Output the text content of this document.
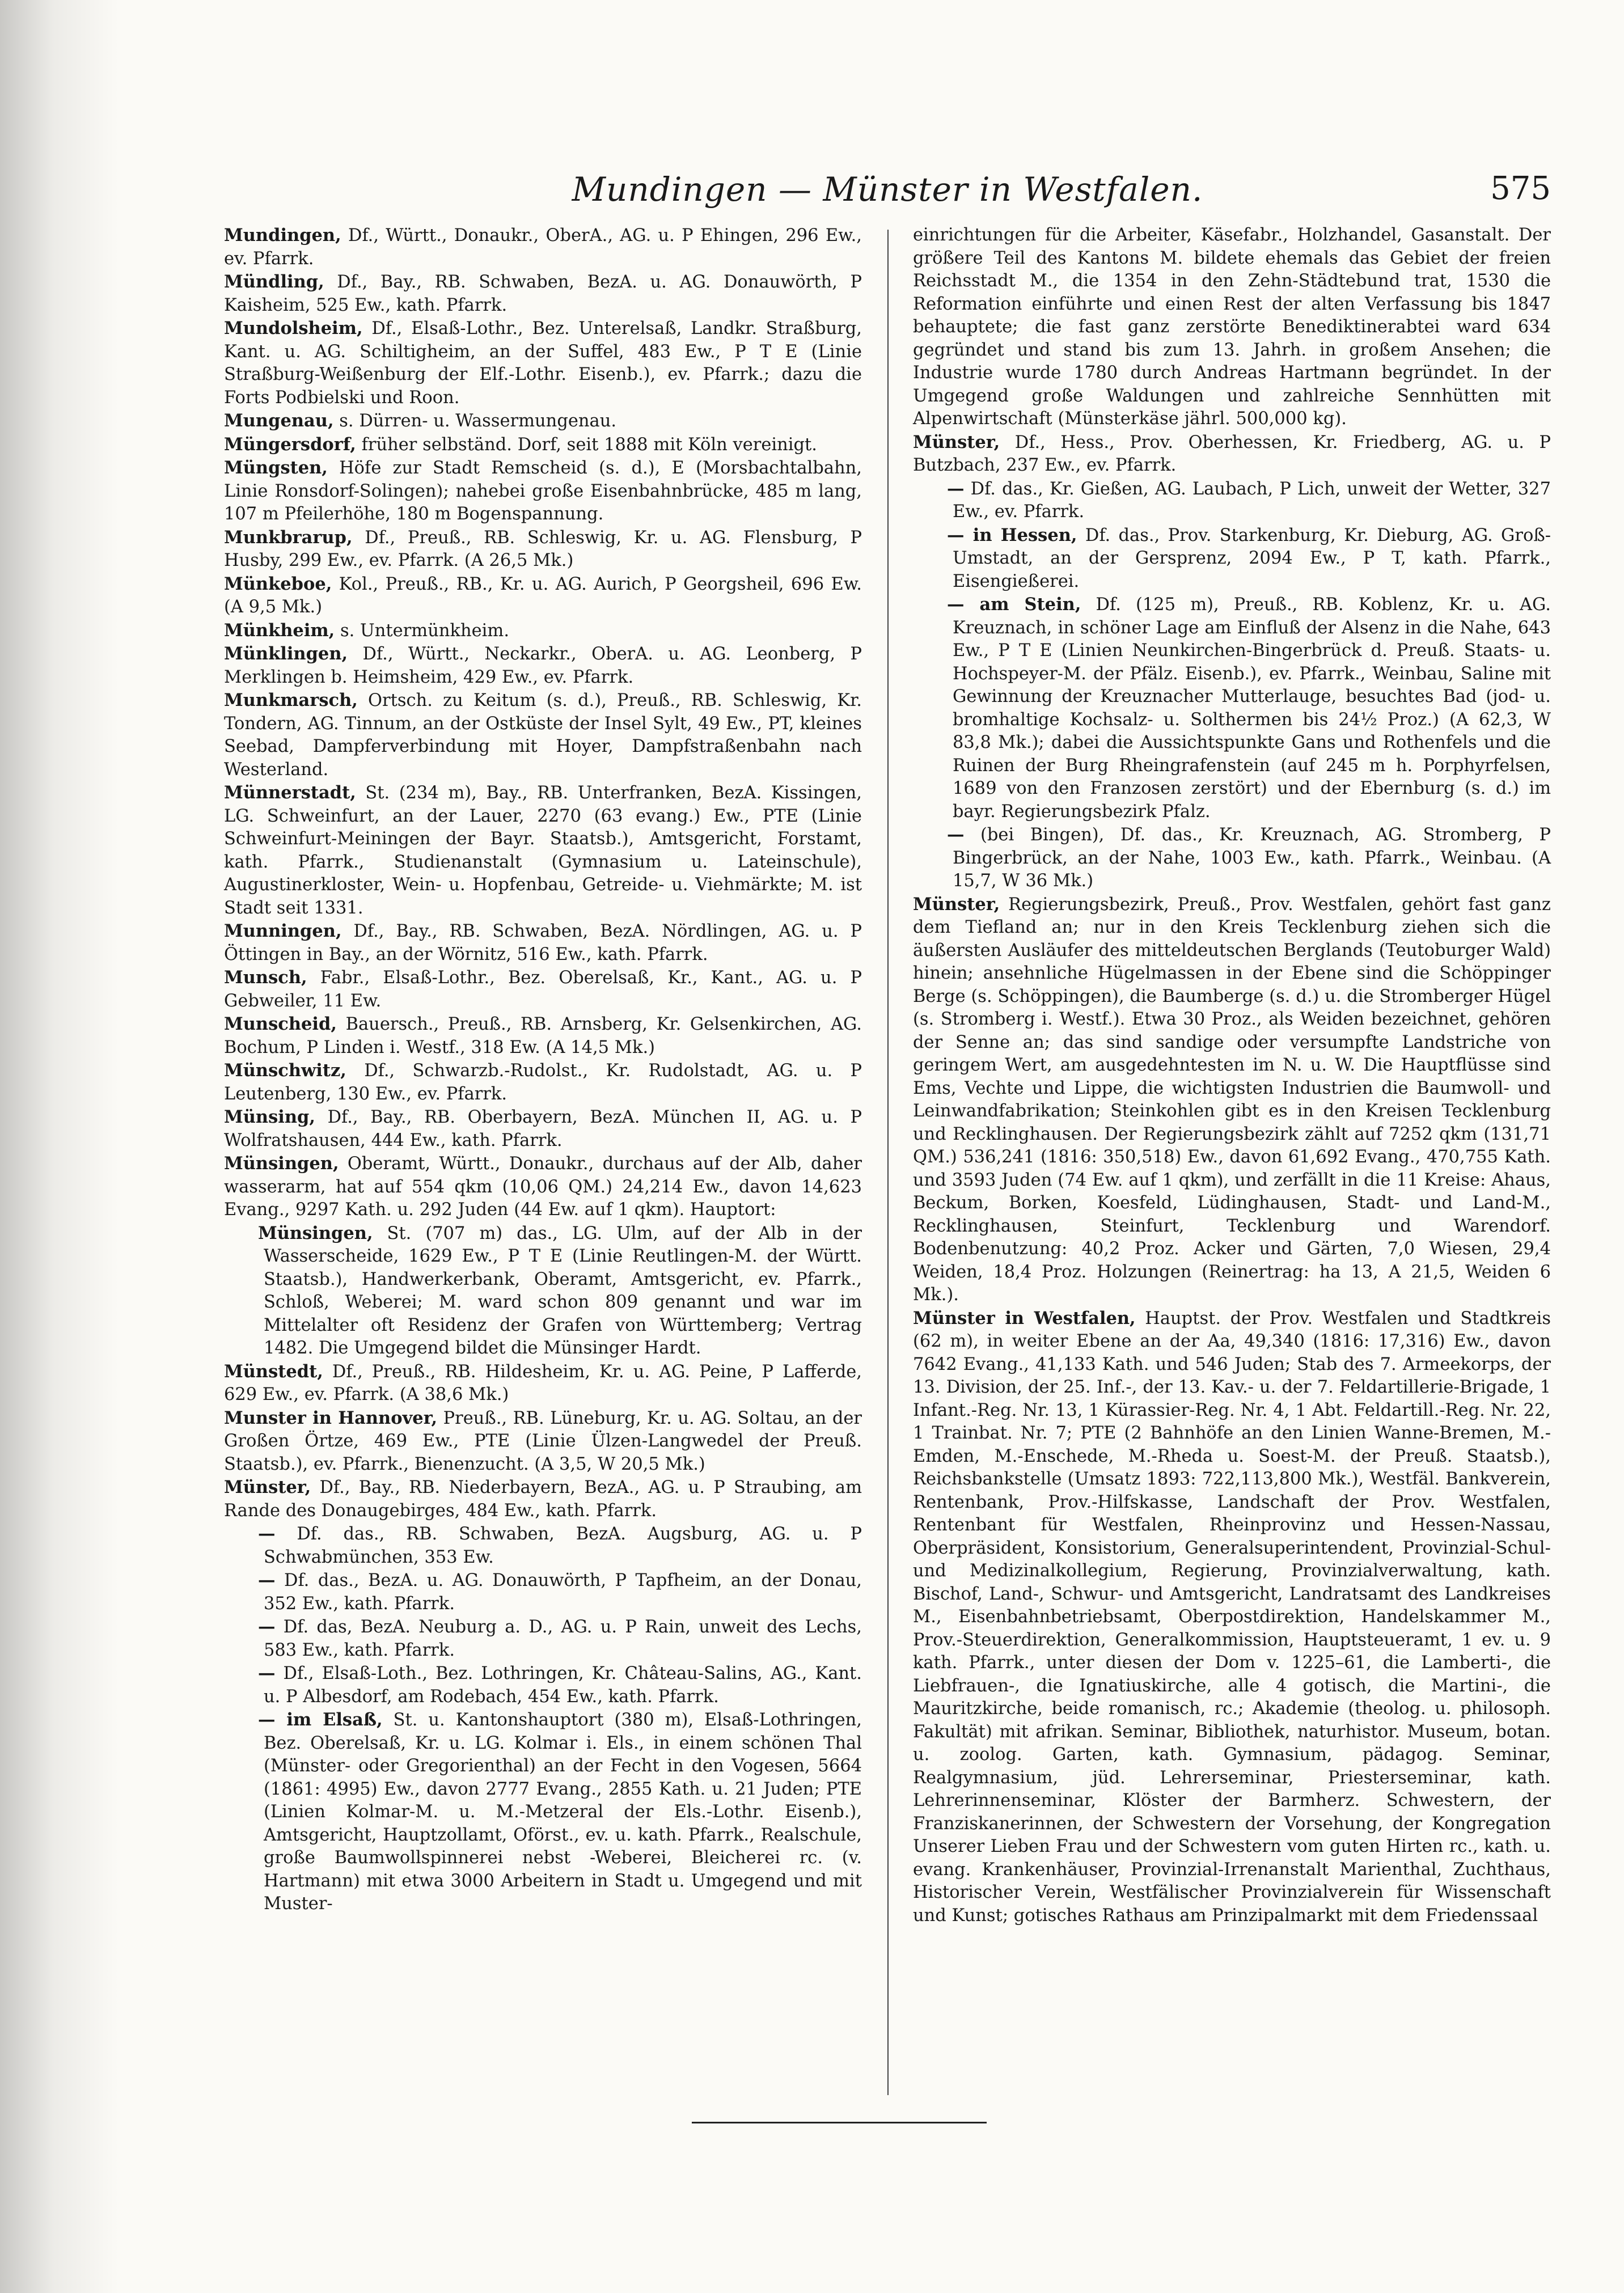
Mundingen — Münster in Westfalen.	575

Mundingen, Df., Württ., Donaukr., OberA., AG. u. P Ehingen, 296 Ew., ev. Pfarrk.

Mündling, Df., Bay., RB. Schwaben, BezA. u. AG. Donauwörth, P Kaisheim, 525 Ew., kath. Pfarrk.

Mundolsheim, Df., Elsaß-Lothr., Bez. Unterelsaß, Landkr. Straßburg, Kant. u. AG. Schiltigheim, an der Suffel, 483 Ew., P T E (Linie Straßburg-Weißenburg der Elf.-Lothr. Eisenb.), ev. Pfarrk.; dazu die Forts Podbielski und Roon.

Mungenau, s. Dürren- u. Wassermungenau.

Müngersdorf, früher selbständ. Dorf, seit 1888 mit Köln vereinigt.

Müngsten, Höfe zur Stadt Remscheid (s. d.), E (Morsbachtalbahn, Linie Ronsdorf-Solingen); nahebei große Eisenbahnbrücke, 485 m lang, 107 m Pfeilerhöhe, 180 m Bogenspannung.

Munkbrarup, Df., Preuß., RB. Schleswig, Kr. u. AG. Flensburg, P Husby, 299 Ew., ev. Pfarrk. (A 26,5 Mk.)

Münkeboe, Kol., Preuß., RB., Kr. u. AG. Aurich, P Georgsheil, 696 Ew. (A 9,5 Mk.)

Münkheim, s. Untermünkheim.

Münklingen, Df., Württ., Neckarkr., OberA. u. AG. Leonberg, P Merklingen b. Heimsheim, 429 Ew., ev. Pfarrk.

Munkmarsch, Ortsch. zu Keitum (s. d.), Preuß., RB. Schleswig, Kr. Tondern, AG. Tinnum, an der Ostküste der Insel Sylt, 49 Ew., PT, kleines Seebad, Dampferverbindung mit Hoyer, Dampfstraßenbahn nach Westerland.

Münnerstadt, St. (234 m), Bay., RB. Unterfranken, BezA. Kissingen, LG. Schweinfurt, an der Lauer, 2270 (63 evang.) Ew., PTE (Linie Schweinfurt-Meiningen der Bayr. Staatsb.), Amtsgericht, Forstamt, kath. Pfarrk., Studienanstalt (Gymnasium u. Lateinschule), Augustinerkloster, Wein- u. Hopfenbau, Getreide- u. Viehmärkte; M. ist Stadt seit 1331.

Munningen, Df., Bay., RB. Schwaben, BezA. Nördlingen, AG. u. P Öttingen in Bay., an der Wörnitz, 516 Ew., kath. Pfarrk.

Munsch, Fabr., Elsaß-Lothr., Bez. Oberelsaß, Kr., Kant., AG. u. P Gebweiler, 11 Ew.

Munscheid, Bauersch., Preuß., RB. Arnsberg, Kr. Gelsenkirchen, AG. Bochum, P Linden i. Westf., 318 Ew. (A 14,5 Mk.)

Münschwitz, Df., Schwarzb.-Rudolst., Kr. Rudolstadt, AG. u. P Leutenberg, 130 Ew., ev. Pfarrk.

Münsing, Df., Bay., RB. Oberbayern, BezA. München II, AG. u. P Wolfratshausen, 444 Ew., kath. Pfarrk.

Münsingen, Oberamt, Württ., Donaukr., durchaus auf der Alb, daher wasserarm, hat auf 554 qkm (10,06 QM.) 24,214 Ew., davon 14,623 Evang., 9297 Kath. u. 292 Juden (44 Ew. auf 1 qkm). Hauptort:

Münsingen, St. (707 m) das., LG. Ulm, auf der Alb in der Wasserscheide, 1629 Ew., P T E (Linie Reutlingen-M. der Württ. Staatsb.), Handwerkerbank, Oberamt, Amtsgericht, ev. Pfarrk., Schloß, Weberei; M. ward schon 809 genannt und war im Mittelalter oft Residenz der Grafen von Württemberg; Vertrag 1482. Die Umgegend bildet die Münsinger Hardt.

Münstedt, Df., Preuß., RB. Hildesheim, Kr. u. AG. Peine, P Lafferde, 629 Ew., ev. Pfarrk. (A 38,6 Mk.)

Munster in Hannover, Preuß., RB. Lüneburg, Kr. u. AG. Soltau, an der Großen Örtze, 469 Ew., PTE (Linie Ülzen-Langwedel der Preuß. Staatsb.), ev. Pfarrk., Bienenzucht. (A 3,5, W 20,5 Mk.)

Münster, Df., Bay., RB. Niederbayern, BezA., AG. u. P Straubing, am Rande des Donaugebirges, 484 Ew., kath. Pfarrk.

— Df. das., RB. Schwaben, BezA. Augsburg, AG. u. P Schwabmünchen, 353 Ew.

— Df. das., BezA. u. AG. Donauwörth, P Tapfheim, an der Donau, 352 Ew., kath. Pfarrk.

— Df. das, BezA. Neuburg a. D., AG. u. P Rain, unweit des Lechs, 583 Ew., kath. Pfarrk.

— Df., Elsaß-Loth., Bez. Lothringen, Kr. Château-Salins, AG., Kant. u. P Albesdorf, am Rodebach, 454 Ew., kath. Pfarrk.

— im Elsaß, St. u. Kantonshauptort (380 m), Elsaß-Lothringen, Bez. Oberelsaß, Kr. u. LG. Kolmar i. Els., in einem schönen Thal (Münster- oder Gregorienthal) an der Fecht in den Vogesen, 5664 (1861: 4995) Ew., davon 2777 Evang., 2855 Kath. u. 21 Juden; PTE (Linien Kolmar-M. u. M.-Metzeral der Els.-Lothr. Eisenb.), Amtsgericht, Hauptzollamt, Oförst., ev. u. kath. Pfarrk., Realschule, große Baumwollspinnerei nebst -Weberei, Bleicherei rc. (v. Hartmann) mit etwa 3000 Arbeitern in Stadt u. Umgegend und mit Muster-

einrichtungen für die Arbeiter, Käsefabr., Holzhandel, Gasanstalt. Der größere Teil des Kantons M. bildete ehemals das Gebiet der freien Reichsstadt M., die 1354 in den Zehn-Städtebund trat, 1530 die Reformation einführte und einen Rest der alten Verfassung bis 1847 behauptete; die fast ganz zerstörte Benediktinerabtei ward 634 gegründet und stand bis zum 13. Jahrh. in großem Ansehen; die Industrie wurde 1780 durch Andreas Hartmann begründet. In der Umgegend große Waldungen und zahlreiche Sennhütten mit Alpenwirtschaft (Münsterkäse jährl. 500,000 kg).

Münster, Df., Hess., Prov. Oberhessen, Kr. Friedberg, AG. u. P Butzbach, 237 Ew., ev. Pfarrk.

— Df. das., Kr. Gießen, AG. Laubach, P Lich, unweit der Wetter, 327 Ew., ev. Pfarrk.

— in Hessen, Df. das., Prov. Starkenburg, Kr. Dieburg, AG. Groß-Umstadt, an der Gersprenz, 2094 Ew., P T, kath. Pfarrk., Eisengießerei.

— am Stein, Df. (125 m), Preuß., RB. Koblenz, Kr. u. AG. Kreuznach, in schöner Lage am Einfluß der Alsenz in die Nahe, 643 Ew., P T E (Linien Neunkirchen-Bingerbrück d. Preuß. Staats- u. Hochspeyer-M. der Pfälz. Eisenb.), ev. Pfarrk., Weinbau, Saline mit Gewinnung der Kreuznacher Mutterlauge, besuchtes Bad (jod- u. bromhaltige Kochsalz- u. Solthermen bis 24½ Proz.) (A 62,3, W 83,8 Mk.); dabei die Aussichtspunkte Gans und Rothenfels und die Ruinen der Burg Rheingrafenstein (auf 245 m h. Porphyrfelsen, 1689 von den Franzosen zerstört) und der Ebernburg (s. d.) im bayr. Regierungsbezirk Pfalz.

— (bei Bingen), Df. das., Kr. Kreuznach, AG. Stromberg, P Bingerbrück, an der Nahe, 1003 Ew., kath. Pfarrk., Weinbau. (A 15,7, W 36 Mk.)

Münster, Regierungsbezirk, Preuß., Prov. Westfalen, gehört fast ganz dem Tiefland an; nur in den Kreis Tecklenburg ziehen sich die äußersten Ausläufer des mitteldeutschen Berglands (Teutoburger Wald) hinein; ansehnliche Hügelmassen in der Ebene sind die Schöppinger Berge (s. Schöppingen), die Baumberge (s. d.) u. die Stromberger Hügel (s. Stromberg i. Westf.). Etwa 30 Proz., als Weiden bezeichnet, gehören der Senne an; das sind sandige oder versumpfte Landstriche von geringem Wert, am ausgedehntesten im N. u. W. Die Hauptflüsse sind Ems, Vechte und Lippe, die wichtigsten Industrien die Baumwoll- und Leinwandfabrikation; Steinkohlen gibt es in den Kreisen Tecklenburg und Recklinghausen. Der Regierungsbezirk zählt auf 7252 qkm (131,71 QM.) 536,241 (1816: 350,518) Ew., davon 61,692 Evang., 470,755 Kath. und 3593 Juden (74 Ew. auf 1 qkm), und zerfällt in die 11 Kreise: Ahaus, Beckum, Borken, Koesfeld, Lüdinghausen, Stadt- und Land-M., Recklinghausen, Steinfurt, Tecklenburg und Warendorf. Bodenbenutzung: 40,2 Proz. Acker und Gärten, 7,0 Wiesen, 29,4 Weiden, 18,4 Proz. Holzungen (Reinertrag: ha 13, A 21,5, Weiden 6 Mk.).

Münster in Westfalen, Hauptst. der Prov. Westfalen und Stadtkreis (62 m), in weiter Ebene an der Aa, 49,340 (1816: 17,316) Ew., davon 7642 Evang., 41,133 Kath. und 546 Juden; Stab des 7. Armeekorps, der 13. Division, der 25. Inf.-, der 13. Kav.- u. der 7. Feldartillerie-Brigade, 1 Infant.-Reg. Nr. 13, 1 Kürassier-Reg. Nr. 4, 1 Abt. Feldartill.-Reg. Nr. 22, 1 Trainbat. Nr. 7; PTE (2 Bahnhöfe an den Linien Wanne-Bremen, M.-Emden, M.-Enschede, M.-Rheda u. Soest-M. der Preuß. Staatsb.), Reichsbankstelle (Umsatz 1893: 722,113,800 Mk.), Westfäl. Bankverein, Rentenbank, Prov.-Hilfskasse, Landschaft der Prov. Westfalen, Rentenbant für Westfalen, Rheinprovinz und Hessen-Nassau, Oberpräsident, Konsistorium, Generalsuperintendent, Provinzial-Schul- und Medizinalkollegium, Regierung, Provinzialverwaltung, kath. Bischof, Land-, Schwur- und Amtsgericht, Landratsamt des Landkreises M., Eisenbahnbetriebsamt, Oberpostdirektion, Handelskammer M., Prov.-Steuerdirektion, Generalkommission, Hauptsteueramt, 1 ev. u. 9 kath. Pfarrk., unter diesen der Dom v. 1225–61, die Lamberti-, die Liebfrauen-, die Ignatiuskirche, alle 4 gotisch, die Martini-, die Mauritzkirche, beide romanisch, rc.; Akademie (theolog. u. philosoph. Fakultät) mit afrikan. Seminar, Bibliothek, naturhistor. Museum, botan. u. zoolog. Garten, kath. Gymnasium, pädagog. Seminar, Realgymnasium, jüd. Lehrerseminar, Priesterseminar, kath. Lehrerinnenseminar, Klöster der Barmherz. Schwestern, der Franziskanerinnen, der Schwestern der Vorsehung, der Kongregation Unserer Lieben Frau und der Schwestern vom guten Hirten rc., kath. u. evang. Krankenhäuser, Provinzial-Irrenanstalt Marienthal, Zuchthaus, Historischer Verein, Westfälischer Provinzialverein für Wissenschaft und Kunst; gotisches Rathaus am Prinzipalmarkt mit dem Friedenssaal
